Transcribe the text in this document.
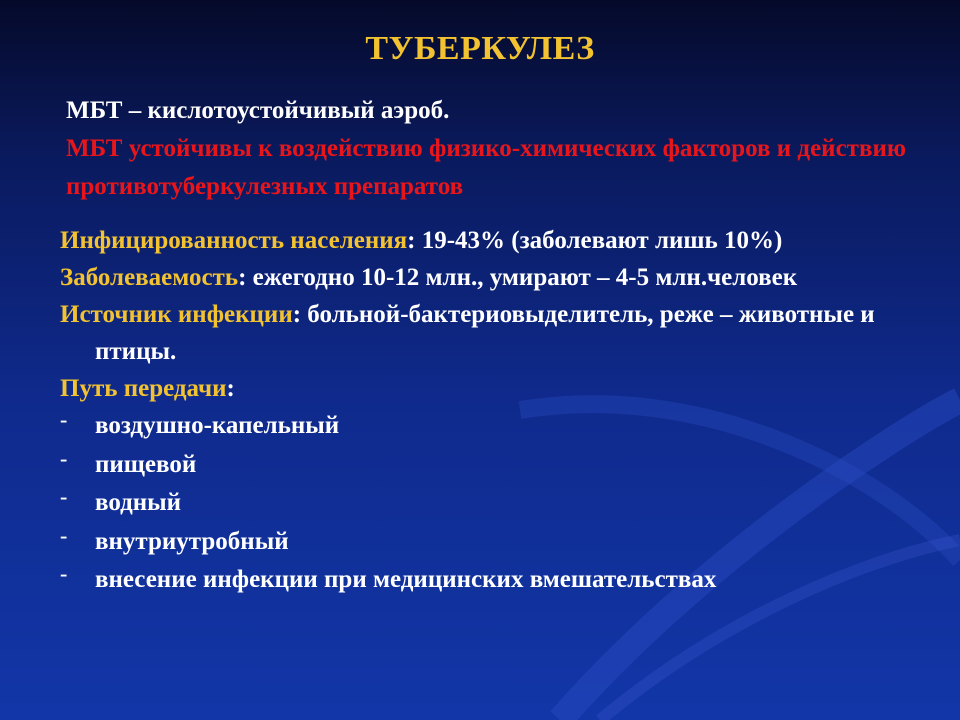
ТУБЕРКУЛЕЗ
МБТ – кислотоустойчивый аэроб.
МБТ устойчивы к воздействию физико-химических факторов и действию противотуберкулезных препаратов
Инфицированность населения: 19-43% (заболевают лишь 10%)
Заболеваемость: ежегодно 10-12 млн., умирают – 4-5 млн.человек
Источник инфекции: больной-бактериовыделитель, реже – животные и птицы.
Путь передачи:
- воздушно-капельный
- пищевой
- водный
- внутриутробный
- внесение инфекции при медицинских вмешательствах
